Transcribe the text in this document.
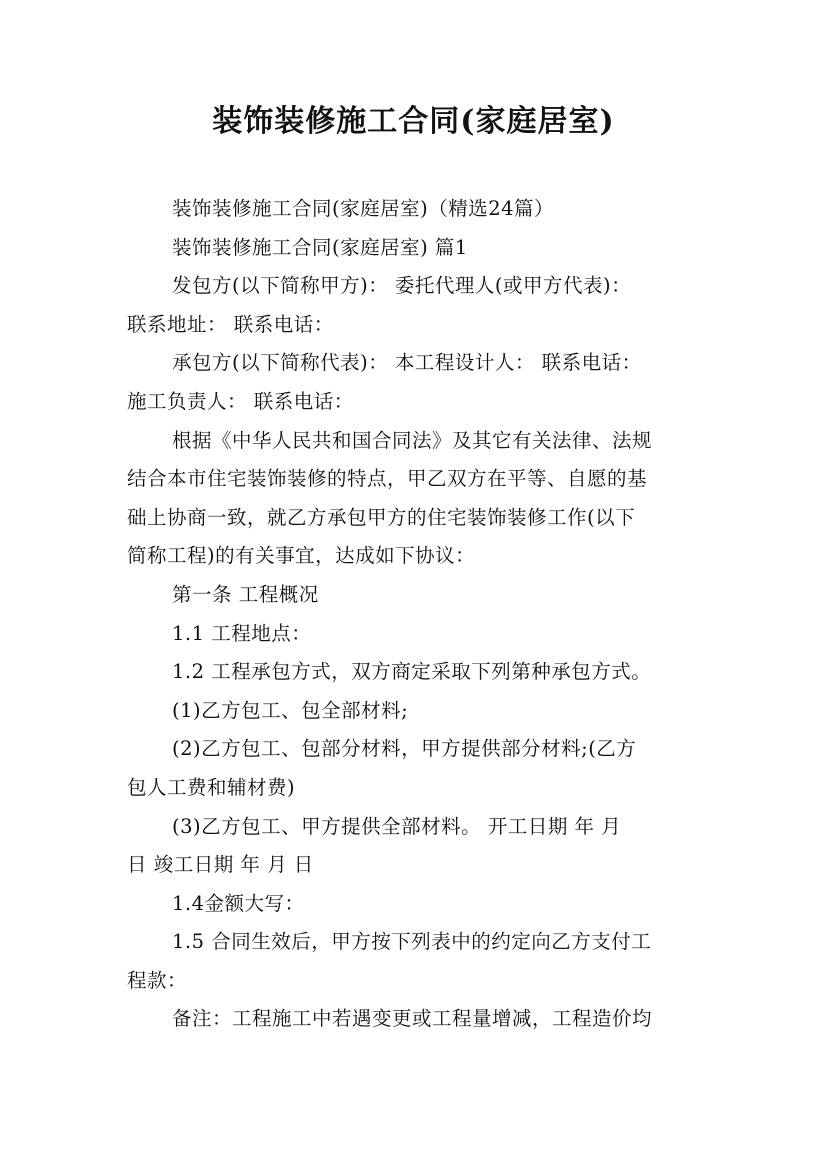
装饰装修施工合同(家庭居室)
装饰装修施工合同(家庭居室)（精选24篇）
装饰装修施工合同(家庭居室) 篇1
发包方(以下简称甲方)： 委托代理人(或甲方代表)：
联系地址： 联系电话：
承包方(以下简称代表)： 本工程设计人： 联系电话：
施工负责人： 联系电话：
根据《中华人民共和国合同法》及其它有关法律、法规
结合本市住宅装饰装修的特点，甲乙双方在平等、自愿的基
础上协商一致，就乙方承包甲方的住宅装饰装修工作(以下
简称工程)的有关事宜，达成如下协议：
第一条 工程概况
1.1 工程地点：
1.2 工程承包方式，双方商定采取下列第种承包方式。
(1)乙方包工、包全部材料;
(2)乙方包工、包部分材料，甲方提供部分材料;(乙方
包人工费和辅材费)
(3)乙方包工、甲方提供全部材料。 开工日期 年 月
日 竣工日期 年 月 日
1.4金额大写：
1.5 合同生效后，甲方按下列表中的约定向乙方支付工
程款：
备注：工程施工中若遇变更或工程量增减，工程造价均
